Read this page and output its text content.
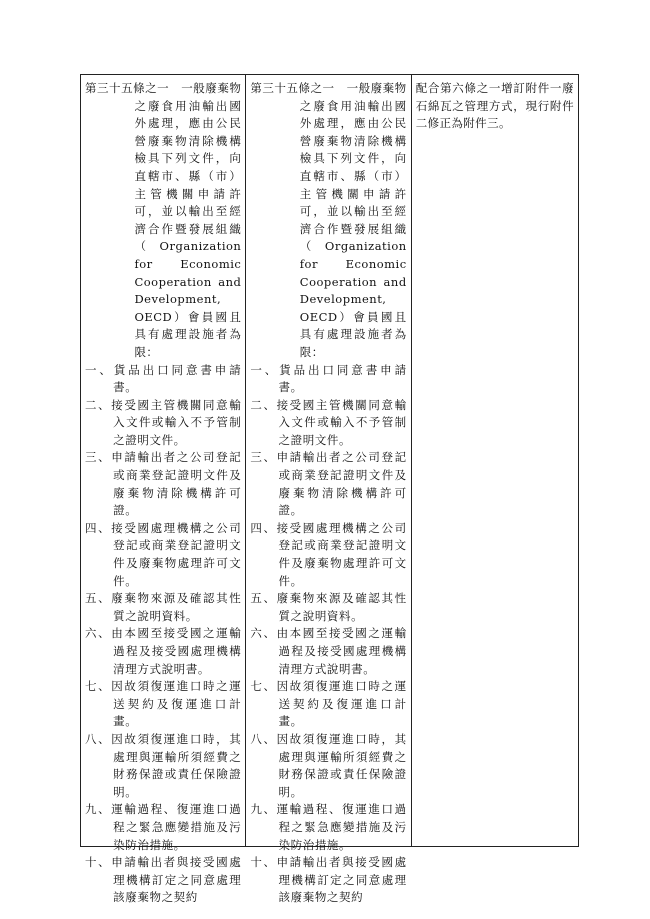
第三十五條之一　一般廢棄物之廢食用油輸出國外處理，應由公民營廢棄物清除機構檢具下列文件，向直轄市、縣（市）主管機關申請許可，並以輸出至經濟合作暨發展組織（Organization for Economic Cooperation and Development, OECD）會員國且具有處理設施者為限：
一、貨品出口同意書申請書。
二、接受國主管機關同意輸入文件或輸入不予管制之證明文件。
三、申請輸出者之公司登記或商業登記證明文件及廢棄物清除機構許可證。
四、接受國處理機構之公司登記或商業登記證明文件及廢棄物處理許可文件。
五、廢棄物來源及確認其性質之說明資料。
六、由本國至接受國之運輸過程及接受國處理機構清理方式說明書。
七、因故須復運進口時之運送契約及復運進口計畫。
八、因故須復運進口時，其處理與運輸所須經費之財務保證或責任保險證明。
九、運輸過程、復運進口過程之緊急應變措施及污染防治措施。
十、申請輸出者與接受國處理機構訂定之同意處理該廢棄物之契約
第三十五條之一　一般廢棄物之廢食用油輸出國外處理，應由公民營廢棄物清除機構檢具下列文件，向直轄市、縣（市）主管機關申請許可，並以輸出至經濟合作暨發展組織（Organization for Economic Cooperation and Development, OECD）會員國且具有處理設施者為限：
一、貨品出口同意書申請書。
二、接受國主管機關同意輸入文件或輸入不予管制之證明文件。
三、申請輸出者之公司登記或商業登記證明文件及廢棄物清除機構許可證。
四、接受國處理機構之公司登記或商業登記證明文件及廢棄物處理許可文件。
五、廢棄物來源及確認其性質之說明資料。
六、由本國至接受國之運輸過程及接受國處理機構清理方式說明書。
七、因故須復運進口時之運送契約及復運進口計畫。
八、因故須復運進口時，其處理與運輸所須經費之財務保證或責任保險證明。
九、運輸過程、復運進口過程之緊急應變措施及污染防治措施。
十、申請輸出者與接受國處理機構訂定之同意處理該廢棄物之契約
配合第六條之一增訂附件一廢石綿瓦之管理方式，現行附件二修正為附件三。
